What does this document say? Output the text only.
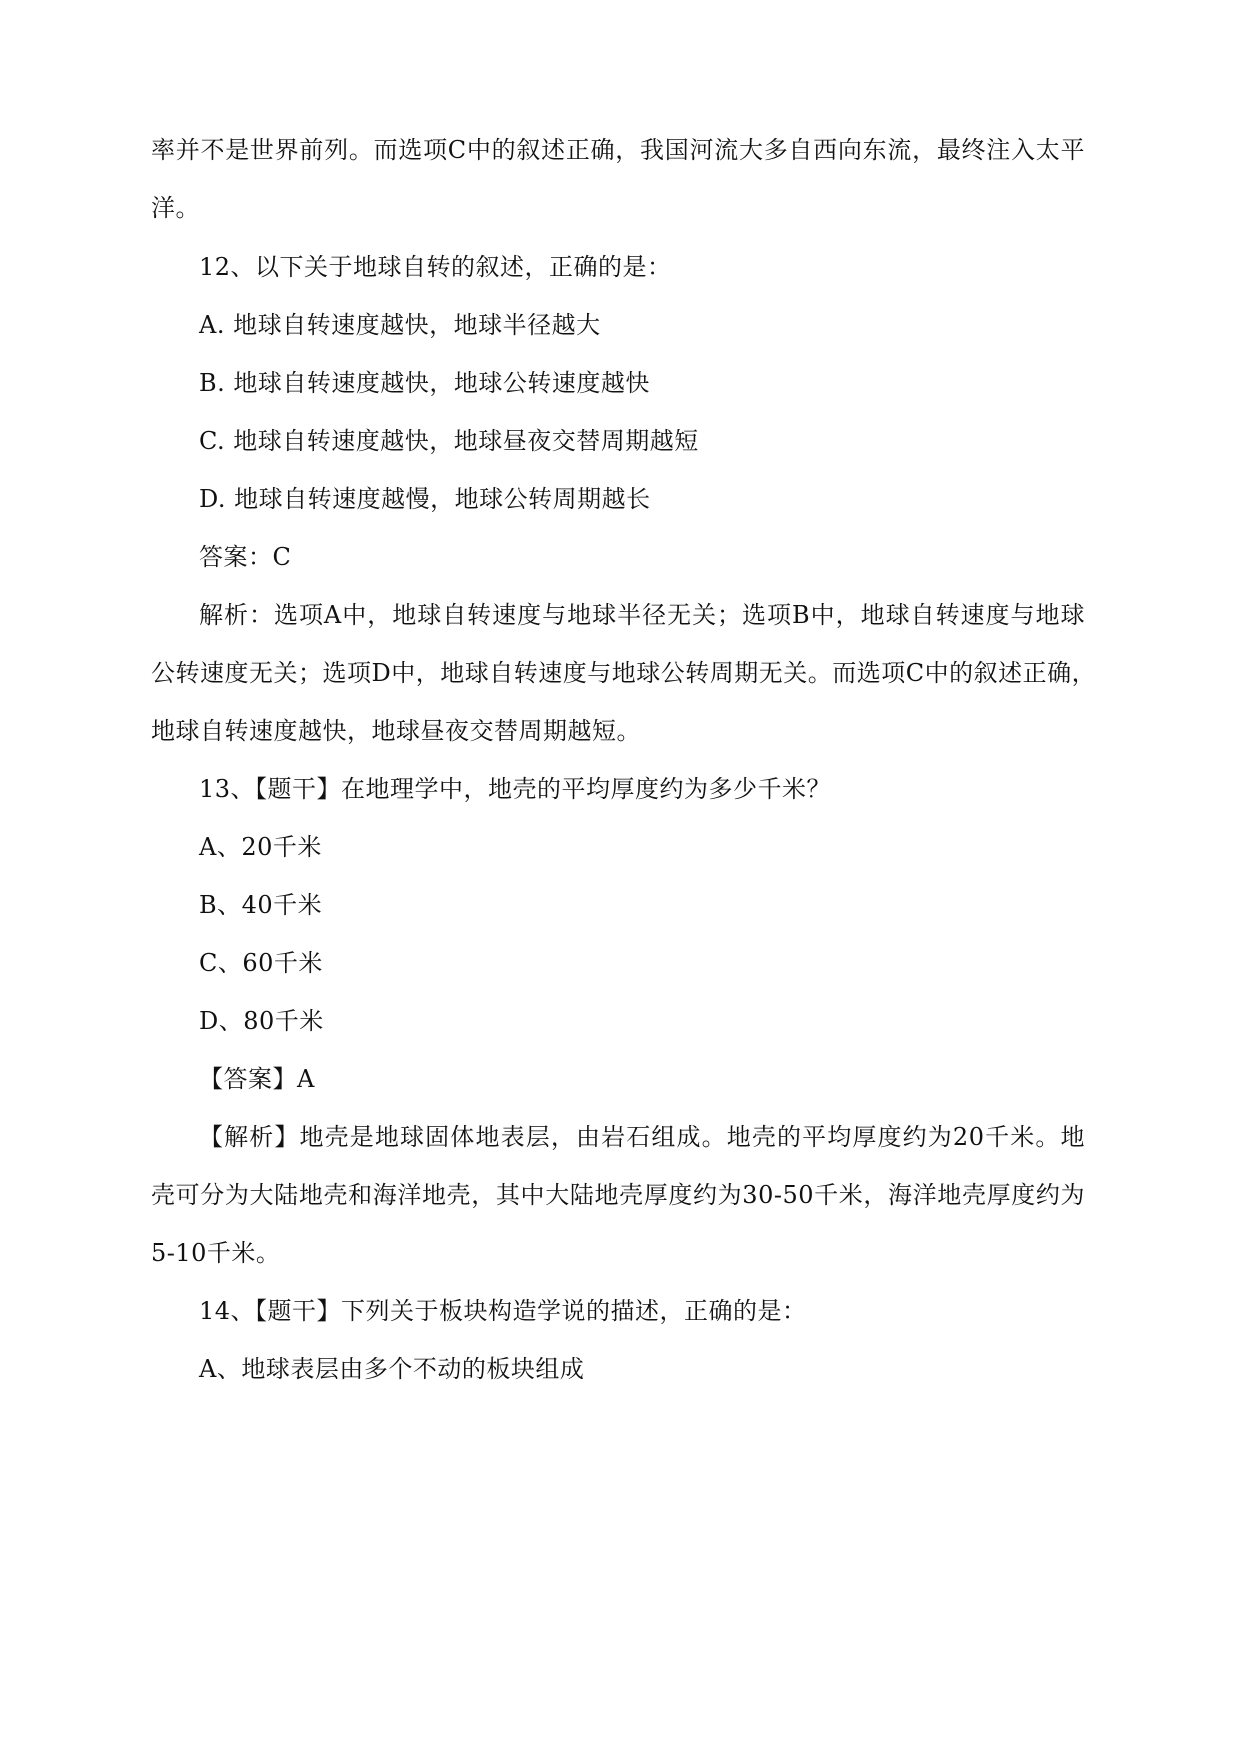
率并不是世界前列。而选项C中的叙述正确，我国河流大多自西向东流，最终注入太平
洋。
12、以下关于地球自转的叙述，正确的是：
A. 地球自转速度越快，地球半径越大
B. 地球自转速度越快，地球公转速度越快
C. 地球自转速度越快，地球昼夜交替周期越短
D. 地球自转速度越慢，地球公转周期越长
答案：C
解析：选项A中，地球自转速度与地球半径无关；选项B中，地球自转速度与地球
公转速度无关；选项D中，地球自转速度与地球公转周期无关。而选项C中的叙述正确，
地球自转速度越快，地球昼夜交替周期越短。
13、【题干】在地理学中，地壳的平均厚度约为多少千米？
A、20千米
B、40千米
C、60千米
D、80千米
【答案】A
【解析】地壳是地球固体地表层，由岩石组成。地壳的平均厚度约为20千米。地
壳可分为大陆地壳和海洋地壳，其中大陆地壳厚度约为30-50千米，海洋地壳厚度约为
5-10千米。
14、【题干】下列关于板块构造学说的描述，正确的是：
A、地球表层由多个不动的板块组成
